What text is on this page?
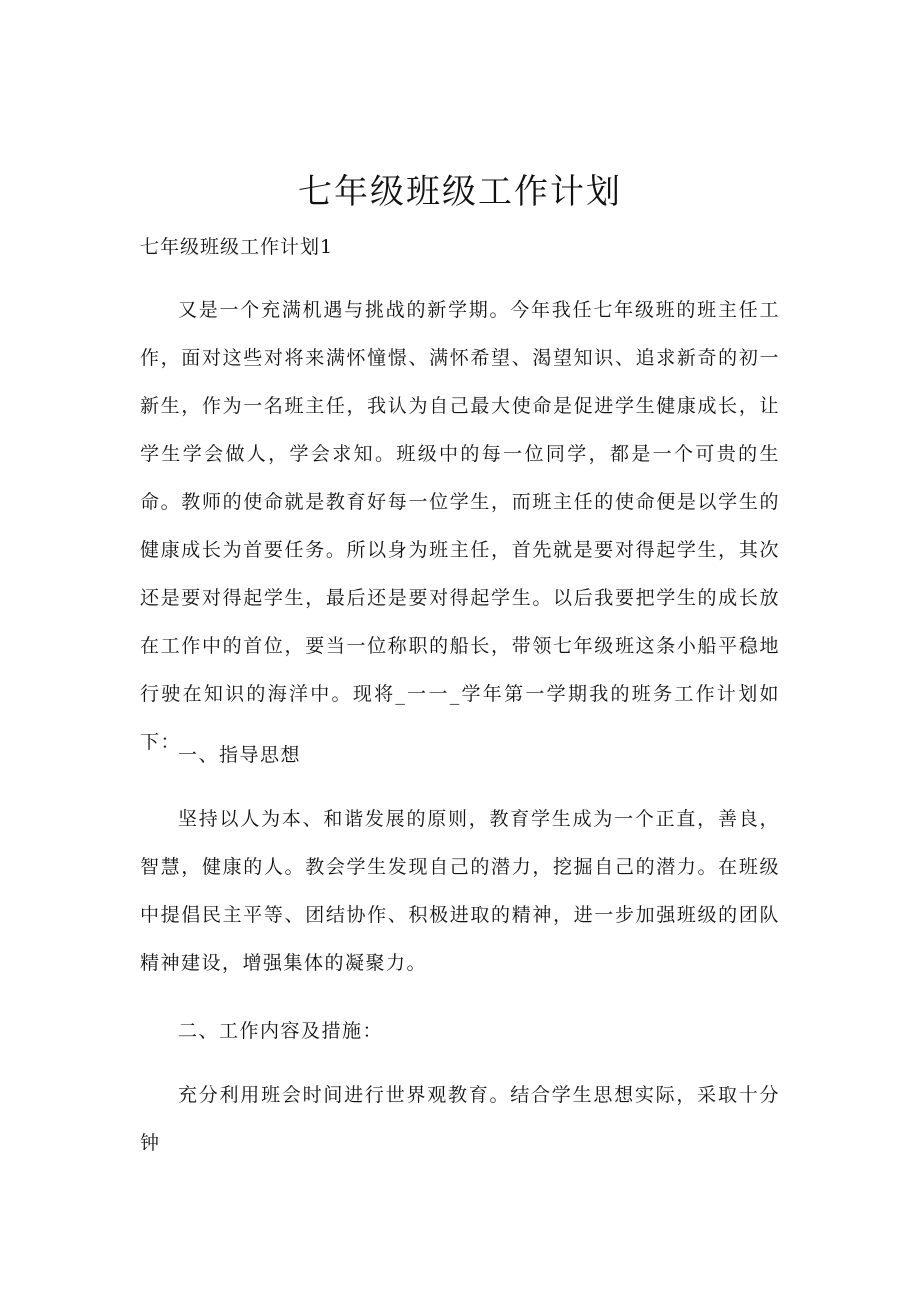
七年级班级工作计划
七年级班级工作计划1

又是一个充满机遇与挑战的新学期。今年我任七年级班的班主任工作，面对这些对将来满怀憧憬、满怀希望、渴望知识、追求新奇的初一新生，作为一名班主任，我认为自己最大使命是促进学生健康成长，让学生学会做人，学会求知。班级中的每一位同学，都是一个可贵的生命。教师的使命就是教育好每一位学生，而班主任的使命便是以学生的健康成长为首要任务。所以身为班主任，首先就是要对得起学生，其次还是要对得起学生，最后还是要对得起学生。以后我要把学生的成长放在工作中的首位，要当一位称职的船长，带领七年级班这条小船平稳地行驶在知识的海洋中。现将_一一_学年第一学期我的班务工作计划如下：

一、指导思想

坚持以人为本、和谐发展的原则，教育学生成为一个正直，善良，智慧，健康的人。教会学生发现自己的潜力，挖掘自己的潜力。在班级中提倡民主平等、团结协作、积极进取的精神，进一步加强班级的团队精神建设，增强集体的凝聚力。

二、工作内容及措施：

充分利用班会时间进行世界观教育。结合学生思想实际，采取十分钟
